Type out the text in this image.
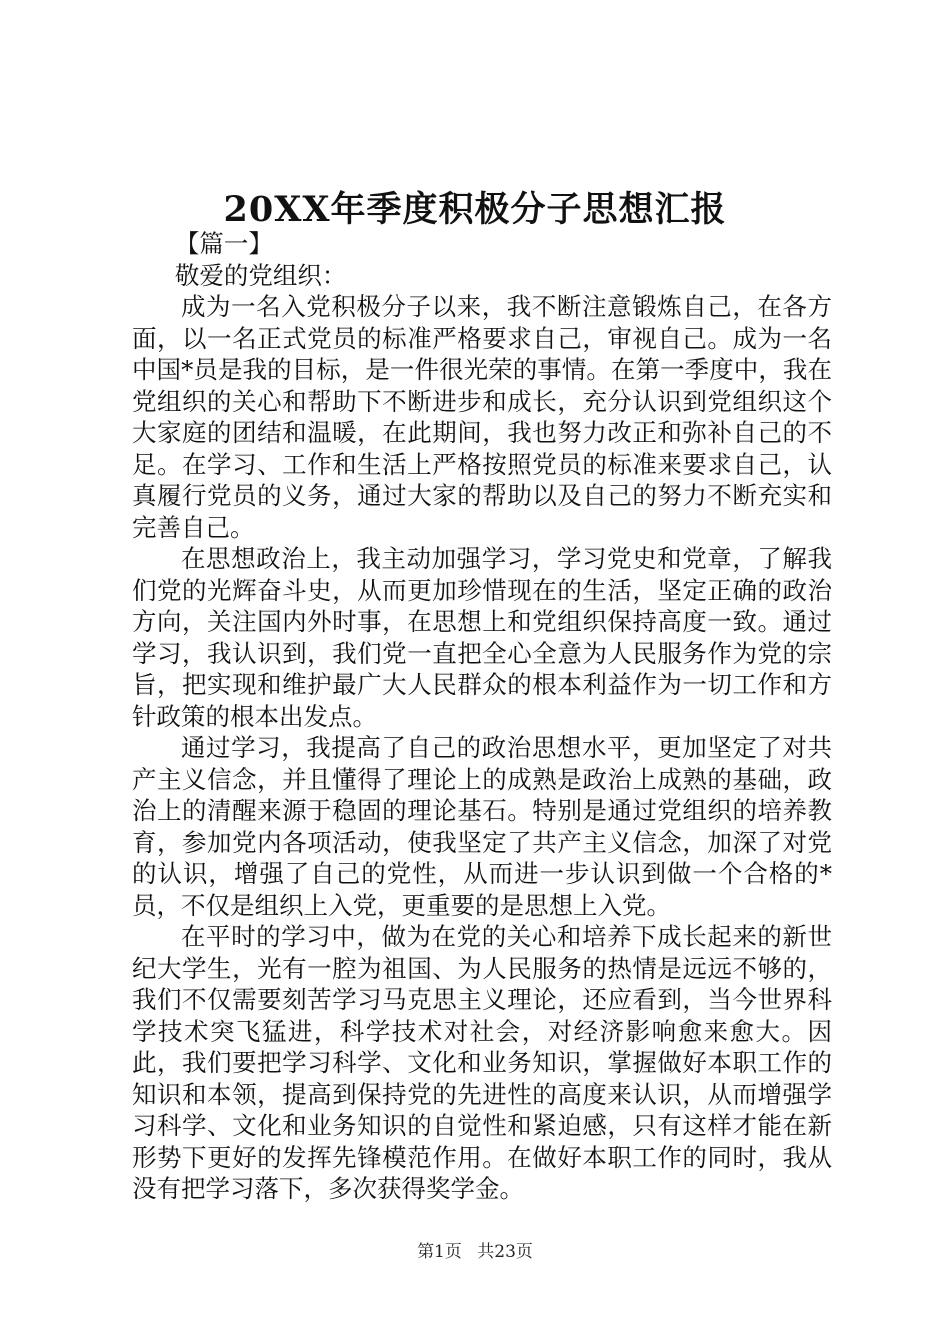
20XX年季度积极分子思想汇报

【篇一】

敬爱的党组织：

成为一名入党积极分子以来，我不断注意锻炼自己，在各方面，以一名正式党员的标准严格要求自己，审视自己。成为一名中国*员是我的目标，是一件很光荣的事情。在第一季度中，我在党组织的关心和帮助下不断进步和成长，充分认识到党组织这个大家庭的团结和温暖，在此期间，我也努力改正和弥补自己的不足。在学习、工作和生活上严格按照党员的标准来要求自己，认真履行党员的义务，通过大家的帮助以及自己的努力不断充实和完善自己。

在思想政治上，我主动加强学习，学习党史和党章，了解我们党的光辉奋斗史，从而更加珍惜现在的生活，坚定正确的政治方向，关注国内外时事，在思想上和党组织保持高度一致。通过学习，我认识到，我们党一直把全心全意为人民服务作为党的宗旨，把实现和维护最广大人民群众的根本利益作为一切工作和方针政策的根本出发点。

通过学习，我提高了自己的政治思想水平，更加坚定了对共产主义信念，并且懂得了理论上的成熟是政治上成熟的基础，政治上的清醒来源于稳固的理论基石。特别是通过党组织的培养教育，参加党内各项活动，使我坚定了共产主义信念，加深了对党的认识，增强了自己的党性，从而进一步认识到做一个合格的*员，不仅是组织上入党，更重要的是思想上入党。

在平时的学习中，做为在党的关心和培养下成长起来的新世纪大学生，光有一腔为祖国、为人民服务的热情是远远不够的，我们不仅需要刻苦学习马克思主义理论，还应看到，当今世界科学技术突飞猛进，科学技术对社会，对经济影响愈来愈大。因此，我们要把学习科学、文化和业务知识，掌握做好本职工作的知识和本领，提高到保持党的先进性的高度来认识，从而增强学习科学、文化和业务知识的自觉性和紧迫感，只有这样才能在新形势下更好的发挥先锋模范作用。在做好本职工作的同时，我从没有把学习落下，多次获得奖学金。

第1页 共23页
